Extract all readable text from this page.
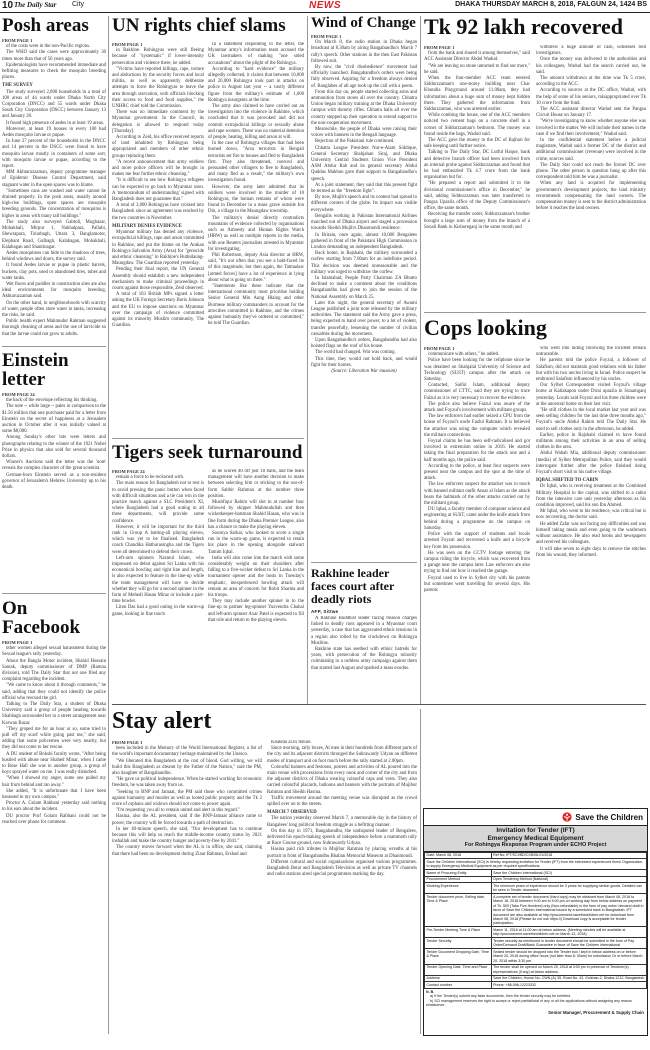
10 The Daily Star City	NEWS	DHAKA THURSDAY MARCH 8, 2018, FALGUN 24, 1424 BS
Posh areas
FROM PAGE 1
of the costs were in the non-Pacific regions.
The WHO said the cases were approximately 30 times more than that of 50 years ago.
Epidemiologists have recommended immediate and befitting measures to check the mosquito breeding places.
THE SURVEY
The study surveyed 2,000 households in a total of 100 areas of 44 wards under Dhaka North City Corporation (DNCC) and 55 wards under Dhaka South City Corporation (DSCC) between January 13 and January 20.
It found high presence of aedes in at least 19 areas.
Moreover, at least 19 houses in every 100 had Aedes mosquito larvae or pupae.
In June 27 percent of the households in the DNCC and 14 percent in the DSCC were found to have mosquito larvae mostly in containers of some sort, with mosquito larvae or pupae, according to the report.
MM Akhtaruzzaman, deputy programme manager of Epidemic Disease Control Department, said stagnant water in the open spaces was to blame.
"Sometimes cans are washed and water cannot be drained properly. In the posh areas, usually around high-rise buildings, open spaces are mosquito breeding grounds. The concentration of mosquitos is higher in areas with many tall buildings."
The study also surveyed Gabtoli, Mogbazar, Mohakhali, Mirpur 1, Nakhalpara, Pallabi, Shewrapara, Tolarbagh, Uttara 3, Banglamotor, Elephant Road, Gulbagh, Kalabagan, Mohakhali, Kalabagan and Shantinagar.
Aedes mosquitoes can hide in the shadows of trees, behind windows and doors, the survey said.
It found Aedes larvae or pupae in plastic barrels, buckets, clay pots, used or abandoned tires, tubes and water tanks.
Wet floors and puddles in construction sites are also ideal environments for mosquito breeding, Akhtaruzzaman said.
On the other hand, in neighbourhoods with scarcity of water, people often store water in tanks, increasing the risks, he said.
Public health expert Mahmudur Rahman suggested thorough cleaning of areas and the use of larvicide so that the larvae could not grow to adults.
Einstein letter
FROM PAGE 24
the back of the envelope reflecting his thinking.
The note -- while large -- pales in comparison to the $1.56 million that one purchaser paid for a letter from Einstein on the secret of happiness at a Jerusalem auction in October after it was initially valued at some $8,000.
Among Sunday's other lots were letters and photographs relating to the winner of the 1921 Nobel Prize in physics that also sold for several thousand dollars.
Winner's Auctions said the letter was the 'note' reveals the complex character of the great scientist.
German-born Einstein served as a non-resident governor of Jerusalem's Hebrew University up to his death.
On Facebook
FROM PAGE 1
other women alleged sexual harassment during the Sexual league's rally yesterday.
About the Bangla Motor incident, Shahid Hossain Santak, deputy commissioner of DMP (Ramna division), told The Daily Star that not one filed any complaint regarding the incident.
"We came to know about it through comments," he said, adding that they could not identify the police official who rescued the girl.
Talking to The Daily Star, a student of Dhaka University said a group of people heading towards Shahbagh surrounded her in a street arrangement near Karwan Bazar.
"They groped me for an hour or so, some tried to pull off my scarf while going past me," she said, adding that some policemen were very nearby, but they did not come to her rescue.
A DU student of Bokshi faculty wrote, "After being hustled with abuse near Shahed Minar, when I came to Bose Hall she was in another group, a group of boys sprayed water on me. I was really disturbed.
"When I showed my anger, some one pulled my hair from behind and ran away."
She added, "It is unfortunate that I have been harassed in my own campus."
Proctor A. Golam Rabbani yesterday said nothing to his ears about the incident.
DU proctor Prof Golam Rabbani could not be reached over phone for comment.
UN rights chief slams
FROM PAGE 1
in Rakhine. Rohingyas were still fleeing because of "systematic" if lower-intensity persecution and violence there, he added.
"Victims have reported killings, rape, torture and abductions by the security forces and local militia, as well as apparently deliberate attempts to force the Rohingyas to leave the area through starvation, with officials blocking their access to food and food supplies," the UNHRC chief told the Commission.
There was no immediate comment by the Myanmar government. In the Council, its delegation is allowed to respond today [Thursday].
According to Zeid, his office received reports of land inhabited by Rohingyas being appropriated and members of other ethnic groups replacing them.
"A recent announcement that army soldiers and more police officers will be brought in makes me fear further ethnic cleansing."
"It is difficult to see how Rohingya refugees can be expected to go back to Myanmar soon. A 'memorandum of understanding' signed with Bangladesh does not guarantee that."
A total of 3,000 Rohingyas have crossed into Bangladesh since an agreement was reached by the two countries in November.
MILITARY DENIES EVIDENCE
Myanmar military has denied any violence, extrajudicial killings, rape and arson committed in Rakhine, and put the blame on the Arakan Rohingya Salvation Army (Arsa) for "genocide and ethnic cleansing" in Rakhine's Buthidaung-Maungdaw. The Guardian reported yesterday.
Pending their final report, the UN General Assembly should establish a new independent mechanism to make criminal proceedings in courts against those responsible, Zeid observed.
A total of 103 British MPs signed a letter asking the UK Foreign Secretary Boris Johnson and the EU to impose sanctions on Myanmar over the campaign of violence committed against its minority Muslim community, The Guardian.
In a statement responding to the letter, the Myanmar army's information team accused the UK lawmakers of making "one sided accusations" about the plight of the Rohingya.
According to "hard evidence" the military allegedly collected, it claims that between 10,000 and 20,000 Rohingya took part in attacks on police in August last year -- a vastly different figure from the military's estimate of 1,000 Rohingya insurgents at the time.
The army also claimed to have carried out an investigation into the violence in Rakhine, which concluded that it was provoked and did not commit extrajudicial killings or sexually abuse and rape women. There was no material detention of people, beating, killing and arson at will.
In the case of Rohingya villages that had been burned down, "Arsa terrorists in Bengali terrorists set fire to houses and fled to Bangladesh first. They also threatened, coerced and persuaded other villagers to flee to Bangladesh, and many fled as a result," the military's own investigation found.
However, the army later admitted that its soldiers were involved in the murder of 10 Rohingyas, the human remains of whom were found in December in a mass grave outside Inn Din, a village in the Maungdaw township.
The military's denial directly contradicts mountains of evidence collected by organisations such as Amnesty and Human Rights Watch (HRW) as well as multiple reports in the media, with one Reuters journalists arrested in Myanmar for investigating.
Phil Robertson, deputy Asia director at HRW, said, "It's not often that you see a bald-faced lie of this magnitude, but then again, the Tatmadaw [armed forces] have a lot of experience in lying about what is going on there."
"Statements like these indicate that the international community must prioritise holding Senior General Min Aung Hlaing and other Burmese military commanders to account for the atrocities committed in Rakhine, and the crimes against humanity they've ordered or committed," he told The Guardian.
Tigers seek turnaround
FROM PAGE 24
remain a force to be reckoned with.
The main reason for Bangladesh not to rest is to avoid pressing the panic button when faced with difficult situations and a tie can win in the practice match against a SLC President's XI, where Bangladesh had a good outing in all three departments, will provide some confidence.
However, it will be important for the third rank in Group A batting-all playing eleven, which was yet to be finalised. Bangladesh coach Chandika Hathurusingha and the Tigers were all determined to defend their crown.
Left-arm spinners Nazmul Islam, who impressed on debut against Sri Lanka with his economical bowling and tight line and length, is also expected to feature in the line-up while the team management will have to decide whether they will go for a second spinner in the form of Mehedi Hasan Miraz or include a part-time bowler.
Liton Das had a good outing in the warm-up game, looking in fine touch
as he scored 40 off just 18 balls, and the team management will have another decision to make between selecting him or sticking to the out-of-form Sabbir Rahman at the number three position.
Mushfiqur Rahim will slot in at number four followed by skipper Mahmudullah and then wicketkeeper-batsman Shahid Hasan, who was in fine form during the Dhaka Premier League, also has a chance to make the playing eleven.
Soumya Sarkar, who looked to score a single run in the warm-up game, is expected to retain his place in the opening alongside stalwart Tamim Iqbal.
India will also come into the match with some considerably weight on their shoulders after falling to a five-wicket defeat to Sri Lanka in the tournament opener and the hosts in Tuesday's emphatic, inexperienced bowling attack will remain an area of concern for Rohit Sharma and his troops.
They may include another spinner in to the line-up to partner leg-spinner Yuzvendra Chahal and left-arm spinner Axar Patel is expected to fill that role and return to the playing eleven.
Wind of Change
FROM PAGE 1
On March 8, the radio station in Dhaka began broadcast at 8.30am by airing Bangabandhu's March 7 rally's speech. Other stations in the then East Pakistan followed suit.
By now, the "civil disobedience" movement had officially launched. Bangabandhu's orders were being fully observed. Aspiring for a freedom always denied of. Banglabes of all age took up the call with a poem.
From this day on, people started collecting arms and ammunition from stores all over the country. Chhatra Union began military training at the Dhaka University campus with dummy rifles. Chhatra halls all over the country stepped up their operation to extend support to the non-cooperation movement.
Meanwhile, the people of Dhaka were raising their voices with banners in the Bengali language.
Rejection of the Pakistani rule continued.
Chhatra League President Nur-e-Alam Siddique, General Secretary Shahjahan Siraj, and Dhaka University Central Students Union Vice President ASM Abdur Rab and its general secretary Abdul Quddus Makhon gave their support to Bangabandhu's speech.
At a joint statement, they said that this present fight be termed as the "freedom fight".
By now, Mujib's speech and its content had spread to different corners of the globe. Its impact was visible everywhere.
Bengalis working in Pakistan International Airlines marched out of Dhaka airport and staged a procession towards Sheikh Mujib's Dhanmondi residence.
In Britain, once again, almost 10,000 Bengalees gathered in front of the Pakistani High Commission in London demanding an independent Bangladesh.
Back home, in Rajshahi, the military surrounded a curfew starting from 7.00am for an indefinite period. This decision was deemed unreasonable and the military was urged to withdraw the curfew.
In Islamabad, People Party Chairman ZA Bhutto declined to make a comment about the conditions Bangabandhu had given to join the session of the National Assembly on March 25.
Later this night, the general secretary of Awami League published a joint note released by the military authorities. The statement said the Army gave a press, being expected to hand over power, to a lot of violent, transfer peacefully, lessening the number of civilian casualties during the movement.
Upon Bangabandhu's orders, Bangabandhu had also hoisted flags on the roof of his house.
The world had changed. War was coming.
This time, they would not hold back, and would fight for their homes.
(Source: Liberation War museum)
Rakhine leader faces court after deadly riots
AFP, Sittwe
A Rakhine Buddhist leader facing treason charges linked to deadly riots appeared in a Myanmar court yesterday, a case that has aggravated ethnic tensions in a region also roiled by the crackdown on Rohingya Muslims.
Rakhine state has seethed with ethnic hatreds for years, with persecution of the Rohingya minority culminating in a ruthless army campaign against them that started last August and sparked a mass exodus.
Tk 92 lakh recovered
FROM PAGE 1
from the bank and shared it among themselves," said ACC Assistant Director Abdul Wadud.
"We are leaving no stone unturned to find out more," he said.
When the four-member ACC team entered Siddurzzaman's one-storey building near Char Khondia Playground around 11.00am, they had information about a huge sum of money kept hidden there. They gathered the information from Siddurzzaman, who was arrested earlier.
While combing the house, one of the ACC members noticed two cement bags on a concrete shelf in a corner of Siddurzzaman's bedroom. The money was found inside the bags, Wadud said.
The ACC gave the money to the DC of Rajbari for safe keeping until further notice.
Talking to The Daily Star, DC Lutful Haque, bank and detective branch officer had been involved from an internal probe against Siddurzzaman and found that he had embezzled Tk 4.7 crore from the bank organisation but for.
"He prepared a report and submitted it to the divisional commissioner's office in December," he said, adding Siddurzzaman was later transferred to Pangsa Upazila office of the Deputy Commissioner's office, the same month.
Receiving the transfer order, Siddurzzaman's brother brought a large sum of money from the branch of a Sonali Bank in Kishoreganj in the same month and
withdrew a huge amount of cash, witnesses told investigators.
Once the money was delivered to the authorities and his colleagues, Wadud had the search carried out, he said.
The amount withdrawn at the time was Tk 5 crore, according to the ACC.
According to sources at the DC office, Wadud, with the help of some of his seniors, misappropriated over Tk 10 crore from the fund.
The ACC assistant director Wadud sent the Pangsa Circuit House on January 17.
"We're investigating to know whether anyone else was involved in the matter. We will include their names in the case if we find their involvement," Wadud said.
In the confidential statement before a judicial magistrate, Wadud said a former DC of the district and additional commissioner (revenue) were involved in the crime, sources said.
The Daily Star could not reach the former DC over phone. The other person in question hung up after this correspondent told him he was a journalist.
When any land is acquired for implementing government's development projects, the land ministry recommends compensating the land owners. The compensation money is sent to the district administration before it reaches the land owners.
Cops looking
FROM PAGE 1
communicate with others," he added.
Police have been looking for the cellphone since he was detained on Shahjalal University of Science and Technology (SUST) campus after the attack on Saturday.
Contacted, Saiful Islam, additional deputy commissioner of CTTC, said they are trying to trace Faizul as it is very necessary to recover the evidence.
The police also believe Faizul was aware of the attack and Foyzul's involvement with militant groups.
The law enforcers had earlier seized a CPU from the house of Foyzul's uncle Fazlul Rahman. It is believed the attacker was using the computer which revealed the militant connections.
Foyzul claims he has been self-radicalised and got involved in extremism online in 2016. He started taking the final preparation for the attack one and a half months ago, the police said.
According to the police, at least four suspects were present near the campus and the spot at the time of attack.
The law enforcers suspect the attacker was in touch with banned militant outfit Ansar al Islam as the attack bears the hallmark of the other attacks carried out by the militant group.
DU Iqbal, a faculty member of computer science and engineering at SUST, came under the knife attack from behind during a programme on the campus on Saturday.
Police with the support of students and locals arrested Foyzul and recovered a knife and a bicycle key from his possession.
He was seen on the CCTV footage entering the campus riding the bicycle, which was recovered from a garage near the campus later. Law enforcers are also trying to find out how it reached the garage.
Foyzul used to live in Sylhet city with his parents but sometimes went travelling for several days. His parents
who went into hiding following the incident remain untraceable.
He parents told the police Foyzul, a follower of Salafism, did not maintain good relations with his father but with his two uncles living in Israel. Police suspect he embraced Salafism influenced by his uncles.
Our Sylhet Correspondent visited Foyzul's village home at Kaliakapon under Dirai upazila in Sunamganj yesterday. Locals said Foyzul and his three children were at the ancestral home on their last visit.
"He still clothes in the local market last year and was seen selling children for the last time three months ago," Foyzul's uncle Abdul Rahim told The Daily Star. He used to sell clothes only in the afternoon, he added.
Earlier, police in Rajshahi claimed to have found militants among their activities in an area of selling clothes in the area.
Abdul Wahab Mia, additional deputy commissioner (media) of Sylhet Metropolitan Police, said they would interrogate further after the police finished doing Foyzul's short visit to his native village.
IQBAL SHIFTED TO CABIN
Dr Iqbal, who is receiving treatment at the Combined Military Hospital in the capital, was shifted to a cabin from the intensive care unit yesterday afternoon as his condition improved, said his son Ibn Ahmed.
Mr Iqbal, who went to his residence, was critical but is now recovering, the doctor said.
He added Zafar was not facing any difficulties and was himself taking meals and even going to the washroom without assistance. He also read books and newspapers and received his colleagues.
It will take seven to eight days to remove the stitches from his wound, they informed.
Stay alert
FROM PAGE 1
been included in the Memory of the World International Register, a list of the world's important documentary heritage maintained by the Unesco.
"We liberated this Bangladesh at the cost of blood. God willing, we will build this Bangladesh as dreamt by the Father of the Nation," said the PM, also daughter of Bangabandhu.
"He gave us political independence. When he started working for economic freedom, he was taken away from us.
"Seeking to BNP and Jamaat, the PM said those who committed crimes against humanity and murder as well as looted public property and the Tk 2 crore of orphans and widows should not come to power again.
"I'm requesting you all to remain united and alert in this regard."
Hasina, also the AL president, said if the BNP-Jamaat alliance came to power, the country will be forced towards a path of destruction.
In her 40-minute speech, she said, "Our development has to continue because this will help us reach the middle-income country status by 2021 inshallah and make the country hunger and poverty-free by 2041."
The country moves forward when the AL is in office, she said, claiming that there had been no development during Ziaur Rahman, Ershad and
Khaleda Zia's tenure.
Since morning, rally boxes, Al men in their hundreds from different parts of the city and its adjacent districts thronged the Suhrawardy Udyan on different modes of transport and on foot much before the rally started at 2.00pm.
Colourful banners and festoons, posters and activities of AL poured into the main venue with processions from every nook and corner of the city and from the adjacent districts of Dhaka wearing colourful caps and vests. They also carried colourful placards, balloons and banners with the portraits of Mujibur Rahman and Sheikh Hasina.
Traffic movement around the meeting venue was disrupted as the crowd spilled over on to the streets.
MARCH 7 OBSERVED
The nation yesterday observed March 7, a memorable day in the history of Bangalees' long political freedom struggle as a befitting manner.
On this day in 1971, Bangabandhu, the undisputed leader of Bengalees, delivered his epoch-making speech of independence before a mammoth rally at Race Course ground, now Suhrawardy Udyan.
Hasina paid rich tributes to Mujibur Rahman by placing wreaths at his portrait in front of Bangabandhu Bhaban Memorial Museum at Dhanmondi.
Different cultural and social organisations organised various programmes. Bangladesh Betar and Bangladesh Television as well as private TV channels and radio stations aired special programmes marking the day.
Save the Children
Invitation for Tender (IFT)
Emergency Medical Equipment
For Rohingya Response Program under ECHO Project
Date: March 08, 2018	Ref No: IFT/SCI/BD/CXB/08-01/2018
Save the Children International (SCI) is hereby requesting invitation for Tender (IFT) from the interested experienced firms/ Organization to supply Emergency Medical Equipment as per required specifications.	
Name of Procuring Entity	Save the Children International (SCI)
Procurement Method	Open Tendering Method (National)
Working Experience	The minimum years of experience should be 3 years for supplying similar goods. Detailed can be seen in Tender document.
Tender document price, Selling date, Time & Place	A complete set of tender document (Hard copy) may be obtained from March 08, 2018 to March 18, 2018 between 9:00 am to 5:00 pm on working day from below address on payment of Tk. 500 (Taka Five Hundred) only (Non-refundable) in the form of pay order/ demand draft in favor of Save the Children International issued by a scheduled bank in Bangladesh. IFT document are also available at http://procurement.savethechildren.net for download from March 08, 2018 (Please do not use https://) Download copy is acceptable for tender participation.
Pre-Tender Meeting Time & Place	March 11, 2018 at 11:00 am at below address. (Meeting minutes will be available at http://procurement.savethechildren.net on March 12, 2018).
Tender Security	Tender security as mentioned in tender document should be submitted in the form of Pay Order/Demand Draft/Bank Guarantee in favor of Save the Children International.
Tender Document Dropping Date, Time & Place	Sealed tender should be dropped into the Tender box / kept in below address on or before March 20, 2018 during office hours (not later than 8: 30am) for submission Or or before March 20, 2018 within 3:30 pm.
Tender Opening Date, Time and Place	The tender shall be opened on March 20, 2018 at 3:00 pm in presence of Tenderer(s) representatives (if any) at below address.
Address	Save the Children, House No. CWN (A) 35, Road No. 43, Gulshan-2, Dhaka-1212, Bangladesh
Contact number	Phone: +88-096-12223332
N. B.
a) If the Tender(s) submit any false documents, then the tender security may be forfeited.
b) SCI management reserves the right to accept or reject partial/total of any or all the applications without assigning any reason whatsoever.
Senior Manager, Procurement & Supply Chain
